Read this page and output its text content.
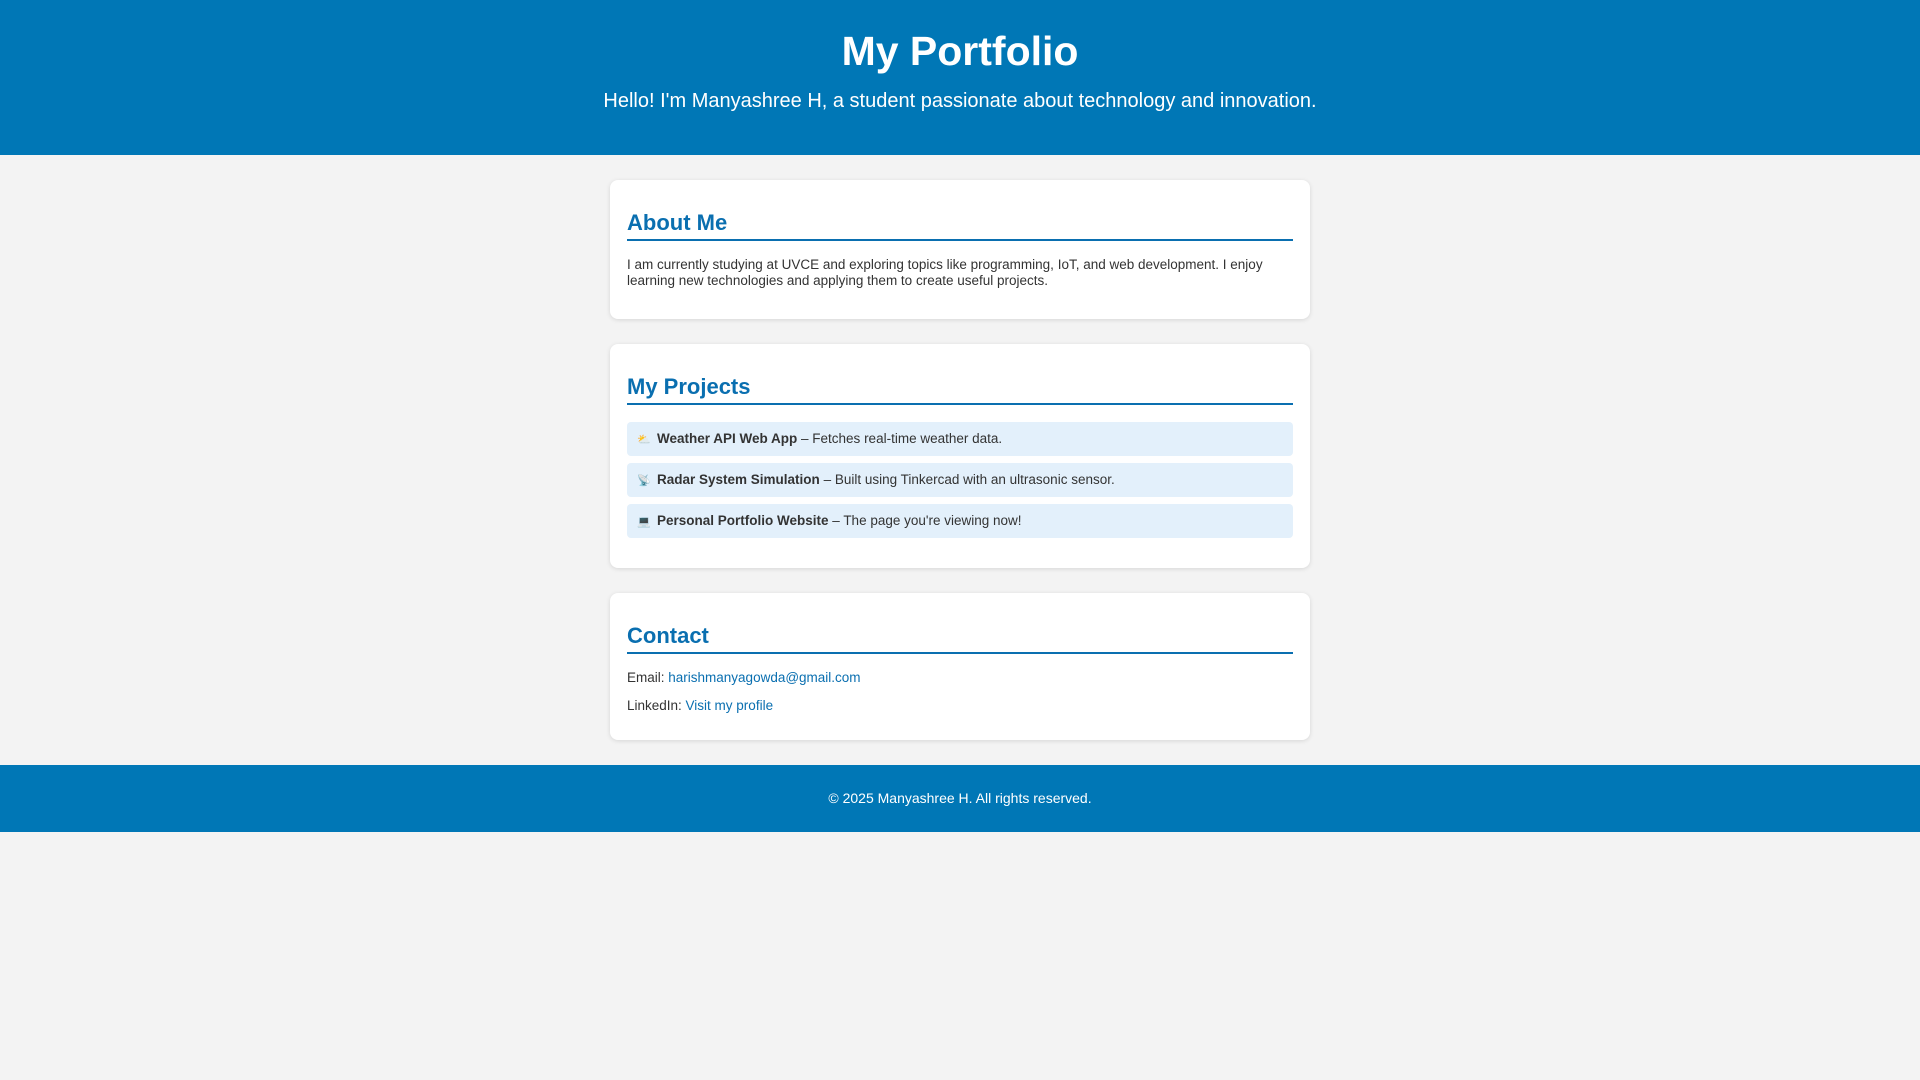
My Portfolio

Hello! I'm Manyashree H, a student passionate about technology and innovation.

About Me

I am currently studying at UVCE and exploring topics like programming, IoT, and web development. I enjoy learning new technologies and applying them to create useful projects.

My Projects
⛅ Weather API Web App – Fetches real-time weather data.
📡 Radar System Simulation – Built using Tinkercad with an ultrasonic sensor.
💻 Personal Portfolio Website – The page you're viewing now!
Contact

Email: harishmanyagowda@gmail.com

LinkedIn: Visit my profile

© 2025 Manyashree H. All rights reserved.
